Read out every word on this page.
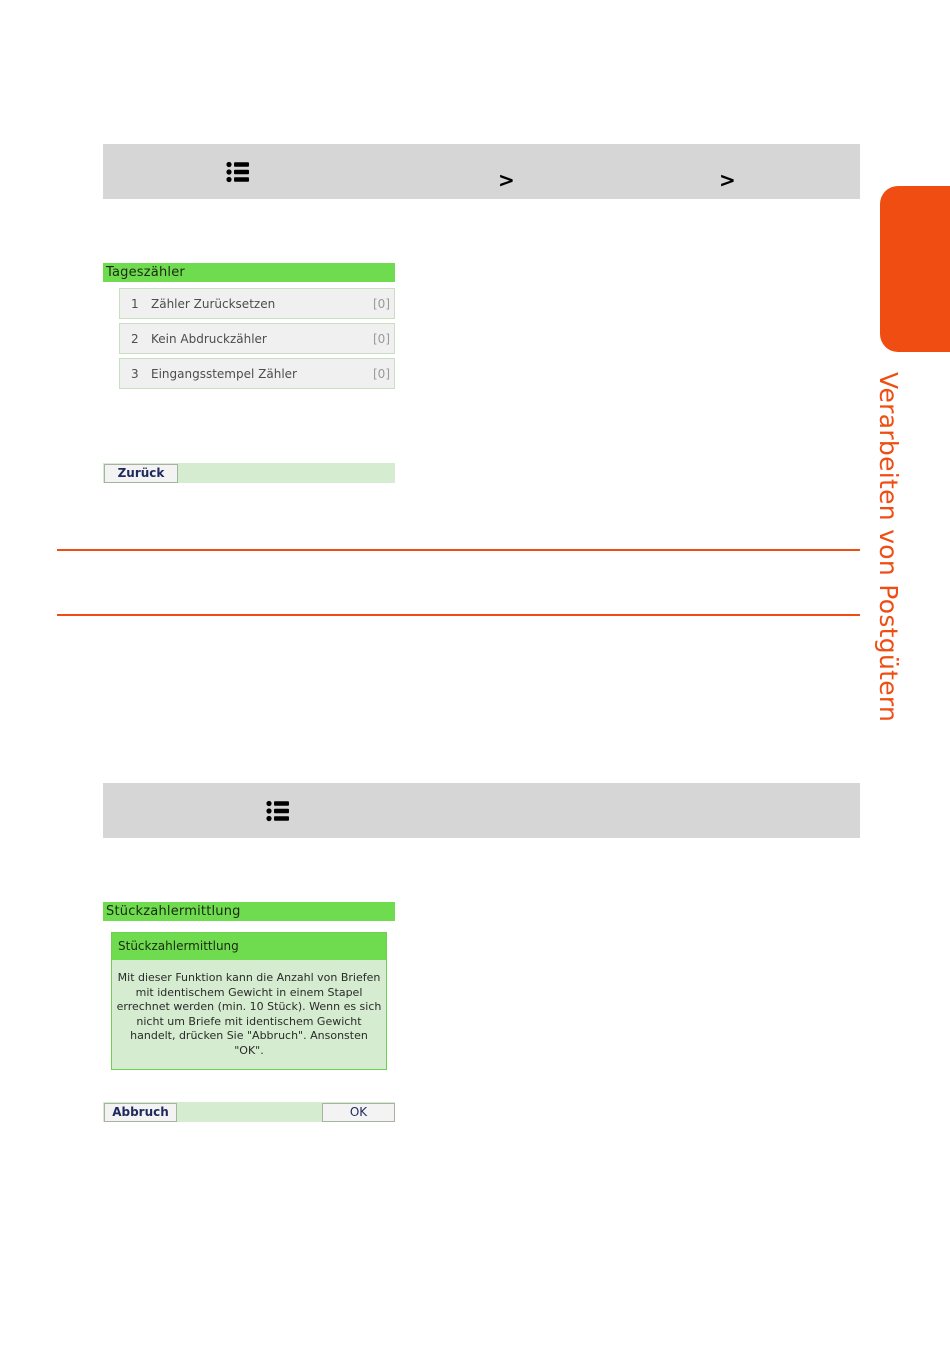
>	>
Tageszähler
1 Zähler Zurücksetzen	[0]
2 Kein Abdruckzähler	[0]
3 Eingangsstempel Zähler	[0]
Zurück
Stückzahlermittlung
Stückzahlermittlung
Mit dieser Funktion kann die Anzahl von Briefen mit identischem Gewicht in einem Stapel errechnet werden (min. 10 Stück). Wenn es sich nicht um Briefe mit identischem Gewicht handelt, drücken Sie "Abbruch". Ansonsten "OK".
Abbruch	OK
Verarbeiten von Postgütern
